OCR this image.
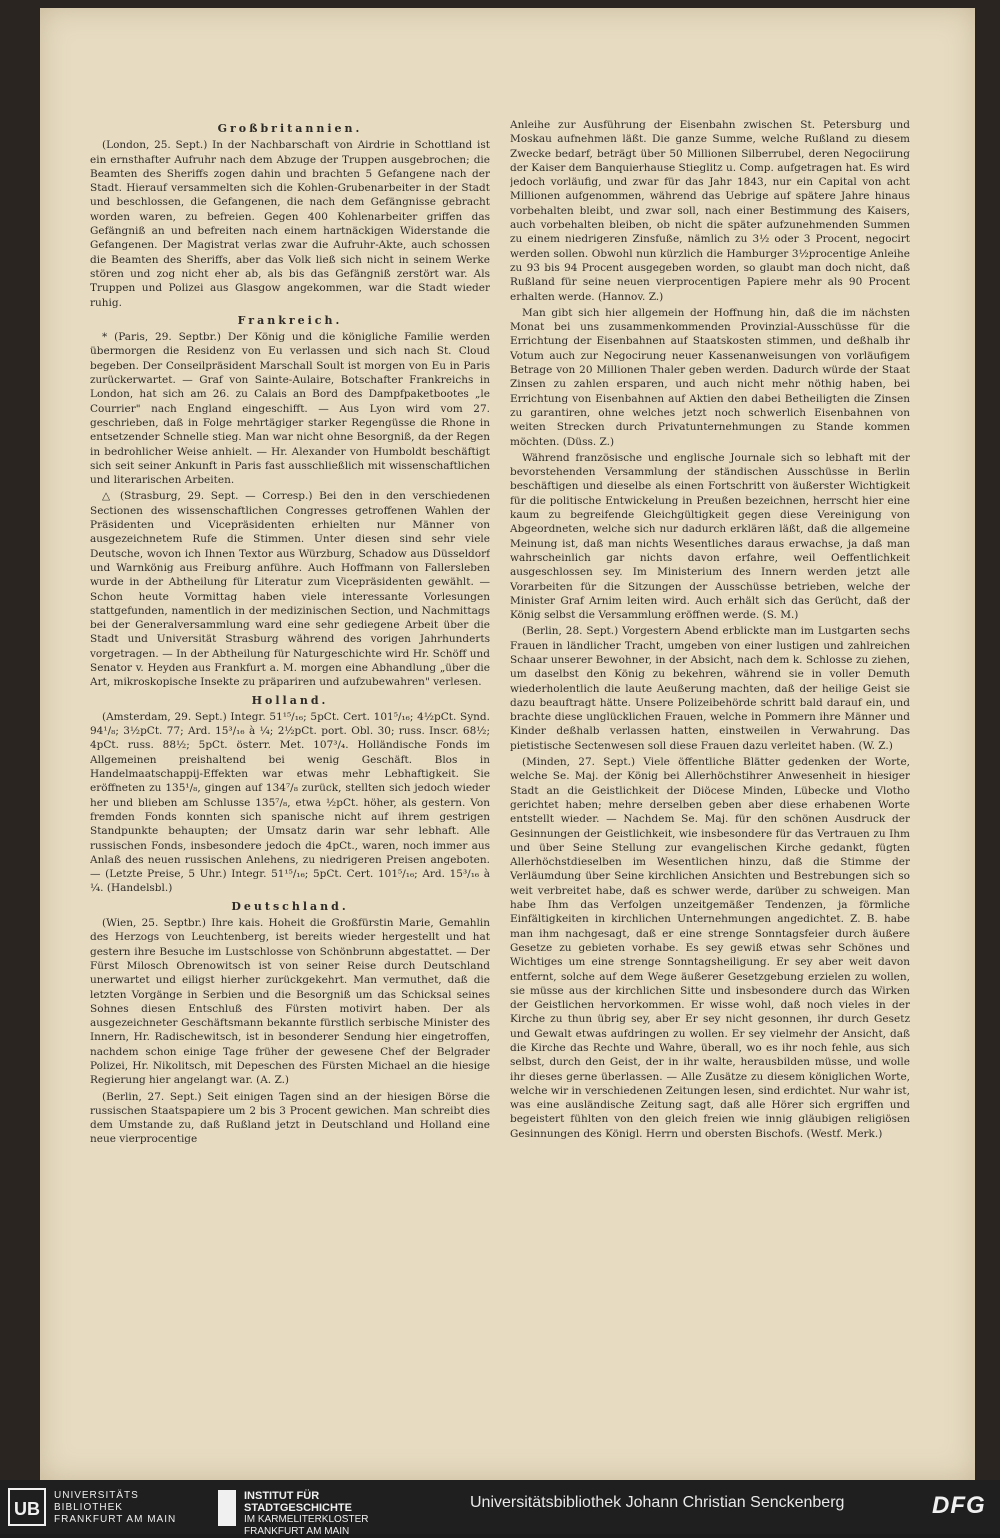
Großbritannien.

(London, 25. Sept.) In der Nachbarschaft von Airdrie in Schottland ist ein ernsthafter Aufruhr nach dem Abzuge der Truppen ausgebrochen; die Beamten des Sheriffs zogen dahin und brachten 5 Gefangene nach der Stadt. Hierauf versammelten sich die Kohlen-Grubenarbeiter in der Stadt und beschlossen, die Gefangenen, die nach dem Gefängnisse gebracht worden waren, zu befreien. Gegen 400 Kohlenarbeiter griffen das Gefängniß an und befreiten nach einem hartnäckigen Widerstande die Gefangenen. Der Magistrat verlas zwar die Aufruhr-Akte, auch schossen die Beamten des Sheriffs, aber das Volk ließ sich nicht in seinem Werke stören und zog nicht eher ab, als bis das Gefängniß zerstört war. Als Truppen und Polizei aus Glasgow angekommen, war die Stadt wieder ruhig.

Frankreich.

* (Paris, 29. Septbr.) Der König und die königliche Familie werden übermorgen die Residenz von Eu verlassen und sich nach St. Cloud begeben. Der Conseilpräsident Marschall Soult ist morgen von Eu in Paris zurückerwartet. — Graf von Sainte-Aulaire, Botschafter Frankreichs in London, hat sich am 26. zu Calais an Bord des Dampfpaketbootes „le Courrier" nach England eingeschifft. — Aus Lyon wird vom 27. geschrieben, daß in Folge mehrtägiger starker Regengüsse die Rhone in entsetzender Schnelle stieg. Man war nicht ohne Besorgniß, da der Regen in bedrohlicher Weise anhielt. — Hr. Alexander von Humboldt beschäftigt sich seit seiner Ankunft in Paris fast ausschließlich mit wissenschaftlichen und literarischen Arbeiten.

△ (Strasburg, 29. Sept. — Corresp.) Bei den in den verschiedenen Sectionen des wissenschaftlichen Congresses getroffenen Wahlen der Präsidenten und Vicepräsidenten erhielten nur Männer von ausgezeichnetem Rufe die Stimmen. Unter diesen sind sehr viele Deutsche, wovon ich Ihnen Textor aus Würzburg, Schadow aus Düsseldorf und Warnkönig aus Freiburg anführe. Auch Hoffmann von Fallersleben wurde in der Abtheilung für Literatur zum Vicepräsidenten gewählt. — Schon heute Vormittag haben viele interessante Vorlesungen stattgefunden, namentlich in der medizinischen Section, und Nachmittags bei der Generalversammlung ward eine sehr gediegene Arbeit über die Stadt und Universität Strasburg während des vorigen Jahrhunderts vorgetragen. — In der Abtheilung für Naturgeschichte wird Hr. Schöff und Senator v. Heyden aus Frankfurt a. M. morgen eine Abhandlung „über die Art, mikroskopische Insekte zu präpariren und aufzubewahren" verlesen.

Holland.

(Amsterdam, 29. Sept.) Integr. 51¹⁵/₁₆; 5pCt. Cert. 101⁵/₁₆; 4½pCt. Synd. 94¹/₈; 3½pCt. 77; Ard. 15³/₁₆ à ¼; 2½pCt. port. Obl. 30; russ. Inscr. 68½; 4pCt. russ. 88½; 5pCt. österr. Met. 107³/₄. Holländische Fonds im Allgemeinen preishaltend bei wenig Geschäft. Blos in Handelmaatschappij-Effekten war etwas mehr Lebhaftigkeit. Sie eröffneten zu 135¹/₈, gingen auf 134⁷/₈ zurück, stellten sich jedoch wieder her und blieben am Schlusse 135⁷/₈, etwa ½pCt. höher, als gestern. Von fremden Fonds konnten sich spanische nicht auf ihrem gestrigen Standpunkte behaupten; der Umsatz darin war sehr lebhaft. Alle russischen Fonds, insbesondere jedoch die 4pCt., waren, noch immer aus Anlaß des neuen russischen Anlehens, zu niedrigeren Preisen angeboten. — (Letzte Preise, 5 Uhr.) Integr. 51¹⁵/₁₆; 5pCt. Cert. 101⁵/₁₆; Ard. 15³/₁₆ à ¼. (Handelsbl.)

Deutschland.

(Wien, 25. Septbr.) Ihre kais. Hoheit die Großfürstin Marie, Gemahlin des Herzogs von Leuchtenberg, ist bereits wieder hergestellt und hat gestern ihre Besuche im Lustschlosse von Schönbrunn abgestattet. — Der Fürst Milosch Obrenowitsch ist von seiner Reise durch Deutschland unerwartet und eiligst hierher zurückgekehrt. Man vermuthet, daß die letzten Vorgänge in Serbien und die Besorgniß um das Schicksal seines Sohnes diesen Entschluß des Fürsten motivirt haben. Der als ausgezeichneter Geschäftsmann bekannte fürstlich serbische Minister des Innern, Hr. Radischewitsch, ist in besonderer Sendung hier eingetroffen, nachdem schon einige Tage früher der gewesene Chef der Belgrader Polizei, Hr. Nikolitsch, mit Depeschen des Fürsten Michael an die hiesige Regierung hier angelangt war. (A. Z.)

(Berlin, 27. Sept.) Seit einigen Tagen sind an der hiesigen Börse die russischen Staatspapiere um 2 bis 3 Procent gewichen. Man schreibt dies dem Umstande zu, daß Rußland jetzt in Deutschland und Holland eine neue vierprocentige

Anleihe zur Ausführung der Eisenbahn zwischen St. Petersburg und Moskau aufnehmen läßt. Die ganze Summe, welche Rußland zu diesem Zwecke bedarf, beträgt über 50 Millionen Silberrubel, deren Negociirung der Kaiser dem Banquierhause Stieglitz u. Comp. aufgetragen hat. Es wird jedoch vorläufig, und zwar für das Jahr 1843, nur ein Capital von acht Millionen aufgenommen, während das Uebrige auf spätere Jahre hinaus vorbehalten bleibt, und zwar soll, nach einer Bestimmung des Kaisers, auch vorbehalten bleiben, ob nicht die später aufzunehmenden Summen zu einem niedrigeren Zinsfuße, nämlich zu 3½ oder 3 Procent, negocirt werden sollen. Obwohl nun kürzlich die Hamburger 3½procentige Anleihe zu 93 bis 94 Procent ausgegeben worden, so glaubt man doch nicht, daß Rußland für seine neuen vierprocentigen Papiere mehr als 90 Procent erhalten werde. (Hannov. Z.)

Man gibt sich hier allgemein der Hoffnung hin, daß die im nächsten Monat bei uns zusammenkommenden Provinzial-Ausschüsse für die Errichtung der Eisenbahnen auf Staatskosten stimmen, und deßhalb ihr Votum auch zur Negocirung neuer Kassenanweisungen von vorläufigem Betrage von 20 Millionen Thaler geben werden. Dadurch würde der Staat Zinsen zu zahlen ersparen, und auch nicht mehr nöthig haben, bei Errichtung von Eisenbahnen auf Aktien den dabei Betheiligten die Zinsen zu garantiren, ohne welches jetzt noch schwerlich Eisenbahnen von weiten Strecken durch Privatunternehmungen zu Stande kommen möchten. (Düss. Z.)

Während französische und englische Journale sich so lebhaft mit der bevorstehenden Versammlung der ständischen Ausschüsse in Berlin beschäftigen und dieselbe als einen Fortschritt von äußerster Wichtigkeit für die politische Entwickelung in Preußen bezeichnen, herrscht hier eine kaum zu begreifende Gleichgültigkeit gegen diese Vereinigung von Abgeordneten, welche sich nur dadurch erklären läßt, daß die allgemeine Meinung ist, daß man nichts Wesentliches daraus erwachse, ja daß man wahrscheinlich gar nichts davon erfahre, weil Oeffentlichkeit ausgeschlossen sey. Im Ministerium des Innern werden jetzt alle Vorarbeiten für die Sitzungen der Ausschüsse betrieben, welche der Minister Graf Arnim leiten wird. Auch erhält sich das Gerücht, daß der König selbst die Versammlung eröffnen werde. (S. M.)

(Berlin, 28. Sept.) Vorgestern Abend erblickte man im Lustgarten sechs Frauen in ländlicher Tracht, umgeben von einer lustigen und zahlreichen Schaar unserer Bewohner, in der Absicht, nach dem k. Schlosse zu ziehen, um daselbst den König zu bekehren, während sie in voller Demuth wiederholentlich die laute Aeußerung machten, daß der heilige Geist sie dazu beauftragt hätte. Unsere Polizeibehörde schritt bald darauf ein, und brachte diese unglücklichen Frauen, welche in Pommern ihre Männer und Kinder deßhalb verlassen hatten, einstweilen in Verwahrung. Das pietistische Sectenwesen soll diese Frauen dazu verleitet haben. (W. Z.)

(Minden, 27. Sept.) Viele öffentliche Blätter gedenken der Worte, welche Se. Maj. der König bei Allerhöchstihrer Anwesenheit in hiesiger Stadt an die Geistlichkeit der Diöcese Minden, Lübecke und Vlotho gerichtet haben; mehre derselben geben aber diese erhabenen Worte entstellt wieder. — Nachdem Se. Maj. für den schönen Ausdruck der Gesinnungen der Geistlichkeit, wie insbesondere für das Vertrauen zu Ihm und über Seine Stellung zur evangelischen Kirche gedankt, fügten Allerhöchstdieselben im Wesentlichen hinzu, daß die Stimme der Verläumdung über Seine kirchlichen Ansichten und Bestrebungen sich so weit verbreitet habe, daß es schwer werde, darüber zu schweigen. Man habe Ihm das Verfolgen unzeitgemäßer Tendenzen, ja förmliche Einfältigkeiten in kirchlichen Unternehmungen angedichtet. Z. B. habe man ihm nachgesagt, daß er eine strenge Sonntagsfeier durch äußere Gesetze zu gebieten vorhabe. Es sey gewiß etwas sehr Schönes und Wichtiges um eine strenge Sonntagsheiligung. Er sey aber weit davon entfernt, solche auf dem Wege äußerer Gesetzgebung erzielen zu wollen, sie müsse aus der kirchlichen Sitte und insbesondere durch das Wirken der Geistlichen hervorkommen. Er wisse wohl, daß noch vieles in der Kirche zu thun übrig sey, aber Er sey nicht gesonnen, ihr durch Gesetz und Gewalt etwas aufdringen zu wollen. Er sey vielmehr der Ansicht, daß die Kirche das Rechte und Wahre, überall, wo es ihr noch fehle, aus sich selbst, durch den Geist, der in ihr walte, herausbilden müsse, und wolle ihr dieses gerne überlassen. — Alle Zusätze zu diesem königlichen Worte, welche wir in verschiedenen Zeitungen lesen, sind erdichtet. Nur wahr ist, was eine ausländische Zeitung sagt, daß alle Hörer sich ergriffen und begeistert fühlten von den gleich freien wie innig gläubigen religiösen Gesinnungen des Königl. Herrn und obersten Bischofs. (Westf. Merk.)

UB
UNIVERSITÄTS
BIBLIOTHEK
FRANKFURT AM MAIN
INSTITUT FÜR
STADTGESCHICHTE
IM KARMELITERKLOSTER
FRANKFURT AM MAIN
Universitätsbibliothek Johann Christian Senckenberg	DFG
